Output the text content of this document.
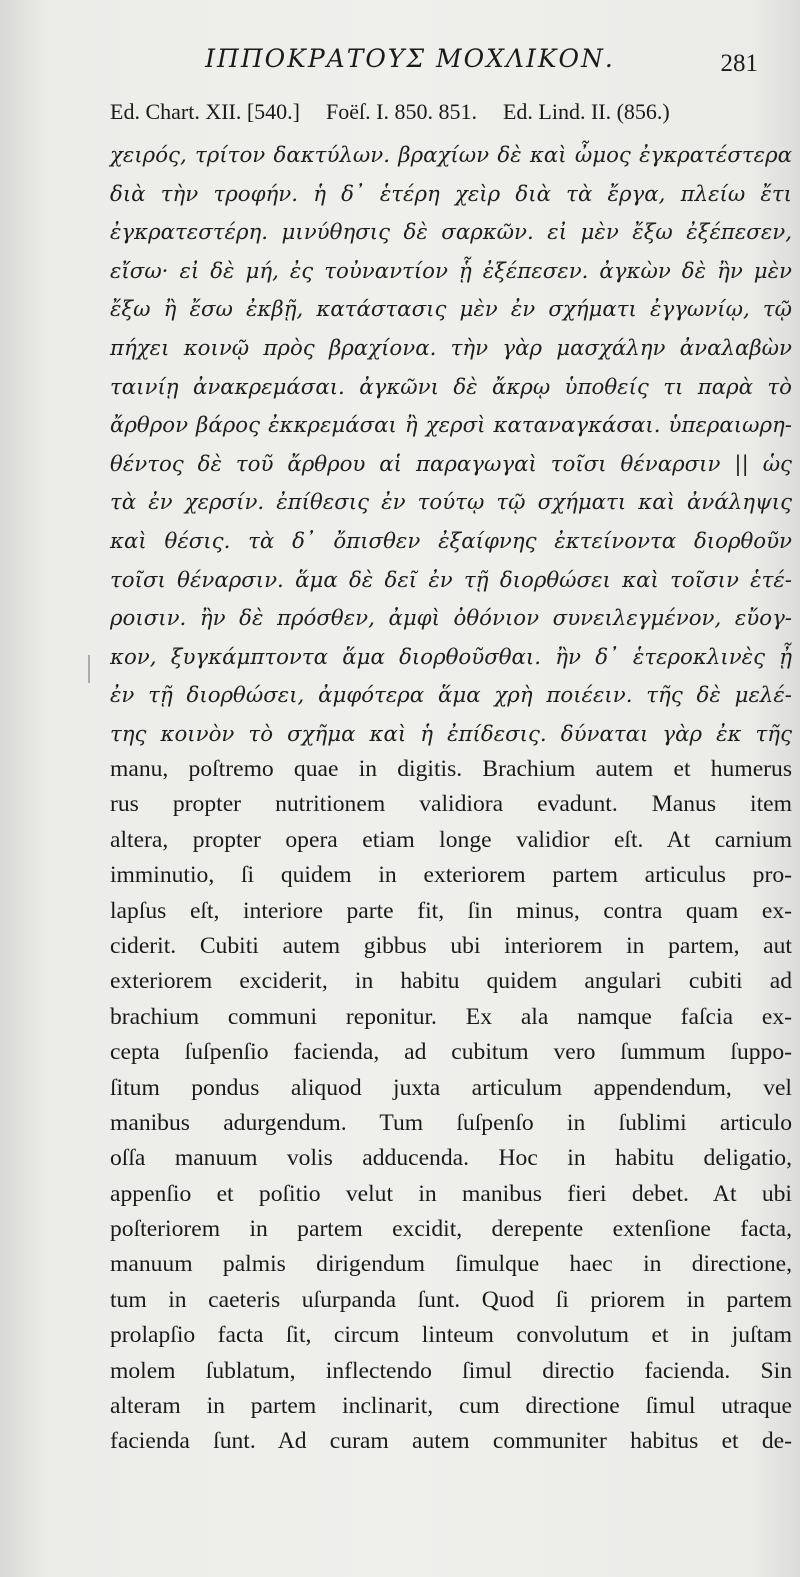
ΙΠΠΟΚΡΑΤΟΥΣ ΜΟΧΛΙΚΟΝ.	281
Ed. Chart. XII. [540.] Foëſ. I. 850. 851. Ed. Lind. II. (856.)
χειρός, τρίτον δακτύλων. βραχίων δὲ καὶ ὦμος ἐγκρατέστερα
διὰ τὴν τροφήν. ἡ δ᾽ ἑτέρη χεὶρ διὰ τὰ ἔργα, πλείω ἔτι
ἐγκρατεστέρη. μινύθησις δὲ σαρκῶν. εἰ μὲν ἔξω ἐξέπεσεν,
εἴσω· εἰ δὲ μή, ἐς τοὐναντίον ᾗ ἐξέπεσεν. ἀγκὼν δὲ ἢν μὲν
ἔξω ἢ ἔσω ἐκβῇ, κατάστασις μὲν ἐν σχήματι ἐγγωνίῳ, τῷ
πήχει κοινῷ πρὸς βραχίονα. τὴν γὰρ μασχάλην ἀναλαβὼν
ταινίῃ ἀνακρεμάσαι. ἀγκῶνι δὲ ἄκρῳ ὑποθείς τι παρὰ τὸ
ἄρθρον βάρος ἐκκρεμάσαι ἢ χερσὶ καταναγκάσαι. ὑπεραιωρη-
θέντος δὲ τοῦ ἄρθρου αἱ παραγωγαὶ τοῖσι θέναρσιν || ὡς
τὰ ἐν χερσίν. ἐπίθεσις ἐν τούτῳ τῷ σχήματι καὶ ἀνάληψις
καὶ θέσις. τὰ δ᾽ ὄπισθεν ἐξαίφνης ἐκτείνοντα διορθοῦν
τοῖσι θέναρσιν. ἅμα δὲ δεῖ ἐν τῇ διορθώσει καὶ τοῖσιν ἑτέ-
ροισιν. ἢν δὲ πρόσθεν, ἀμφὶ ὀθόνιον συνειλεγμένον, εὔογ-
κον, ξυγκάμπτοντα ἅμα διορθοῦσθαι. ἢν δ᾽ ἑτεροκλινὲς ᾖ
ἐν τῇ διορθώσει, ἀμφότερα ἅμα χρὴ ποιέειν. τῆς δὲ μελέ-
της κοινὸν τὸ σχῆμα καὶ ἡ ἐπίδεσις. δύναται γὰρ ἐκ τῆς
manu, poſtremo quae in digitis. Brachium autem et humerus
rus propter nutritionem validiora evadunt. Manus item
altera, propter opera etiam longe validior eſt. At carnium
imminutio, ſi quidem in exteriorem partem articulus pro-
lapſus eſt, interiore parte fit, ſin minus, contra quam ex-
ciderit. Cubiti autem gibbus ubi interiorem in partem, aut
exteriorem exciderit, in habitu quidem angulari cubiti ad
brachium communi reponitur. Ex ala namque faſcia ex-
cepta ſuſpenſio facienda, ad cubitum vero ſummum ſuppo-
ſitum pondus aliquod juxta articulum appendendum, vel
manibus adurgendum. Tum ſuſpenſo in ſublimi articulo
oſſa manuum volis adducenda. Hoc in habitu deligatio,
appenſio et poſitio velut in manibus fieri debet. At ubi
poſteriorem in partem excidit, derepente extenſione facta,
manuum palmis dirigendum ſimulque haec in directione,
tum in caeteris uſurpanda ſunt. Quod ſi priorem in partem
prolapſio facta ſit, circum linteum convolutum et in juſtam
molem ſublatum, inflectendo ſimul directio facienda. Sin
alteram in partem inclinarit, cum directione ſimul utraque
facienda ſunt. Ad curam autem communiter habitus et de-
